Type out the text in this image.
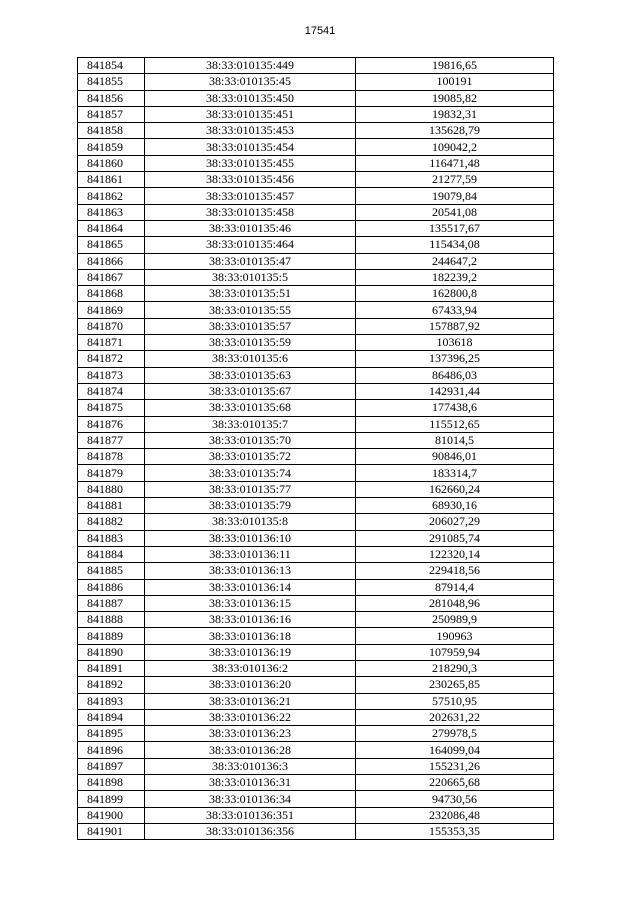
17541
841854	38:33:010135:449	19816,65
841855	38:33:010135:45	100191
841856	38:33:010135:450	19085,82
841857	38:33:010135:451	19832,31
841858	38:33:010135:453	135628,79
841859	38:33:010135:454	109042,2
841860	38:33:010135:455	116471,48
841861	38:33:010135:456	21277,59
841862	38:33:010135:457	19079,84
841863	38:33:010135:458	20541,08
841864	38:33:010135:46	135517,67
841865	38:33:010135:464	115434,08
841866	38:33:010135:47	244647,2
841867	38:33:010135:5	182239,2
841868	38:33:010135:51	162800,8
841869	38:33:010135:55	67433,94
841870	38:33:010135:57	157887,92
841871	38:33:010135:59	103618
841872	38:33:010135:6	137396,25
841873	38:33:010135:63	86486,03
841874	38:33:010135:67	142931,44
841875	38:33:010135:68	177438,6
841876	38:33:010135:7	115512,65
841877	38:33:010135:70	81014,5
841878	38:33:010135:72	90846,01
841879	38:33:010135:74	183314,7
841880	38:33:010135:77	162660,24
841881	38:33:010135:79	68930,16
841882	38:33:010135:8	206027,29
841883	38:33:010136:10	291085,74
841884	38:33:010136:11	122320,14
841885	38:33:010136:13	229418,56
841886	38:33:010136:14	87914,4
841887	38:33:010136:15	281048,96
841888	38:33:010136:16	250989,9
841889	38:33:010136:18	190963
841890	38:33:010136:19	107959,94
841891	38:33:010136:2	218290,3
841892	38:33:010136:20	230265,85
841893	38:33:010136:21	57510,95
841894	38:33:010136:22	202631,22
841895	38:33:010136:23	279978,5
841896	38:33:010136:28	164099,04
841897	38:33:010136:3	155231,26
841898	38:33:010136:31	220665,68
841899	38:33:010136:34	94730,56
841900	38:33:010136:351	232086,48
841901	38:33:010136:356	155353,35
